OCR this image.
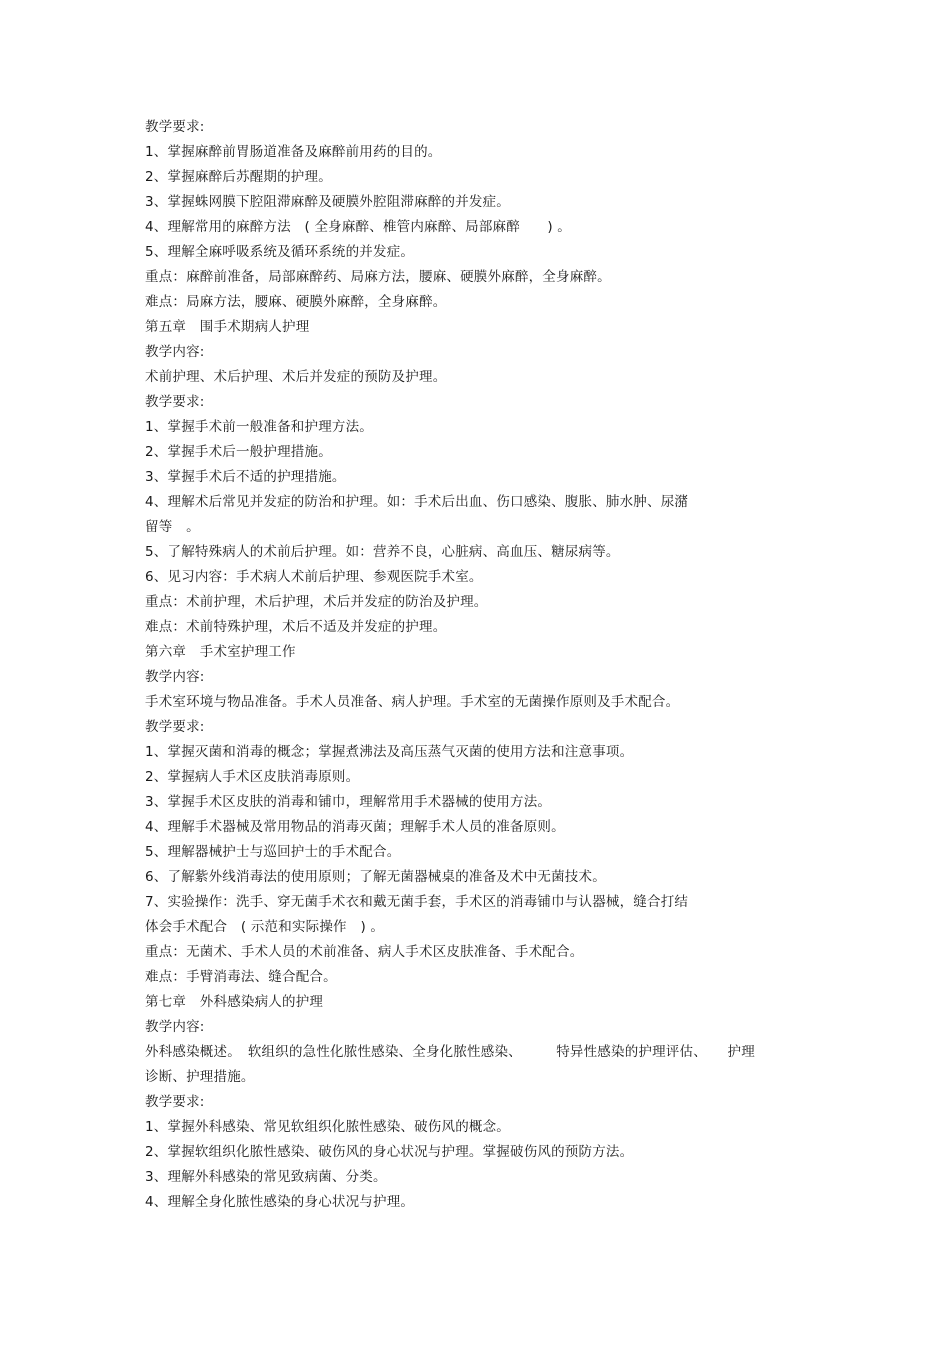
教学要求:
1、掌握麻醉前胃肠道准备及麻醉前用药的目的。
2、掌握麻醉后苏醒期的护理。
3、掌握蛛网膜下腔阻滞麻醉及硬膜外腔阻滞麻醉的并发症。
4、理解常用的麻醉方法　( 全身麻醉、椎管内麻醉、局部麻醉　　) 。
5、理解全麻呼吸系统及循环系统的并发症。
重点：麻醉前准备，局部麻醉药、局麻方法，腰麻、硬膜外麻醉，全身麻醉。
难点：局麻方法，腰麻、硬膜外麻醉，全身麻醉。
第五章　围手术期病人护理
教学内容:
术前护理、术后护理、术后并发症的预防及护理。
教学要求:
1、掌握手术前一般准备和护理方法。
2、掌握手术后一般护理措施。
3、掌握手术后不适的护理措施。
4、理解术后常见并发症的防治和护理。如：手术后出血、伤口感染、腹胀、肺水肿、尿潴
留等　。
5、了解特殊病人的术前后护理。如：营养不良，心脏病、高血压、糖尿病等。
6、见习内容：手术病人术前后护理、参观医院手术室。
重点：术前护理，术后护理，术后并发症的防治及护理。
难点：术前特殊护理，术后不适及并发症的护理。
第六章　手术室护理工作
教学内容:
手术室环境与物品准备。手术人员准备、病人护理。手术室的无菌操作原则及手术配合。
教学要求:
1、掌握灭菌和消毒的概念；掌握煮沸法及高压蒸气灭菌的使用方法和注意事项。
2、掌握病人手术区皮肤消毒原则。
3、掌握手术区皮肤的消毒和铺巾，理解常用手术器械的使用方法。
4、理解手术器械及常用物品的消毒灭菌；理解手术人员的准备原则。
5、理解器械护士与巡回护士的手术配合。
6、了解紫外线消毒法的使用原则；了解无菌器械桌的准备及术中无菌技术。
7、实验操作：洗手、穿无菌手术衣和戴无菌手套，手术区的消毒铺巾与认器械，缝合打结
体会手术配合　( 示范和实际操作　) 。
重点：无菌术、手术人员的术前准备、病人手术区皮肤准备、手术配合。
难点：手臂消毒法、缝合配合。
第七章　外科感染病人的护理
教学内容:
外科感染概述。　软组织的急性化脓性感染、全身化脓性感染、　　　特异性感染的护理评估、　　护理
诊断、护理措施。
教学要求:
1、掌握外科感染、常见软组织化脓性感染、破伤风的概念。
2、掌握软组织化脓性感染、破伤风的身心状况与护理。掌握破伤风的预防方法。
3、理解外科感染的常见致病菌、分类。
4、理解全身化脓性感染的身心状况与护理。
